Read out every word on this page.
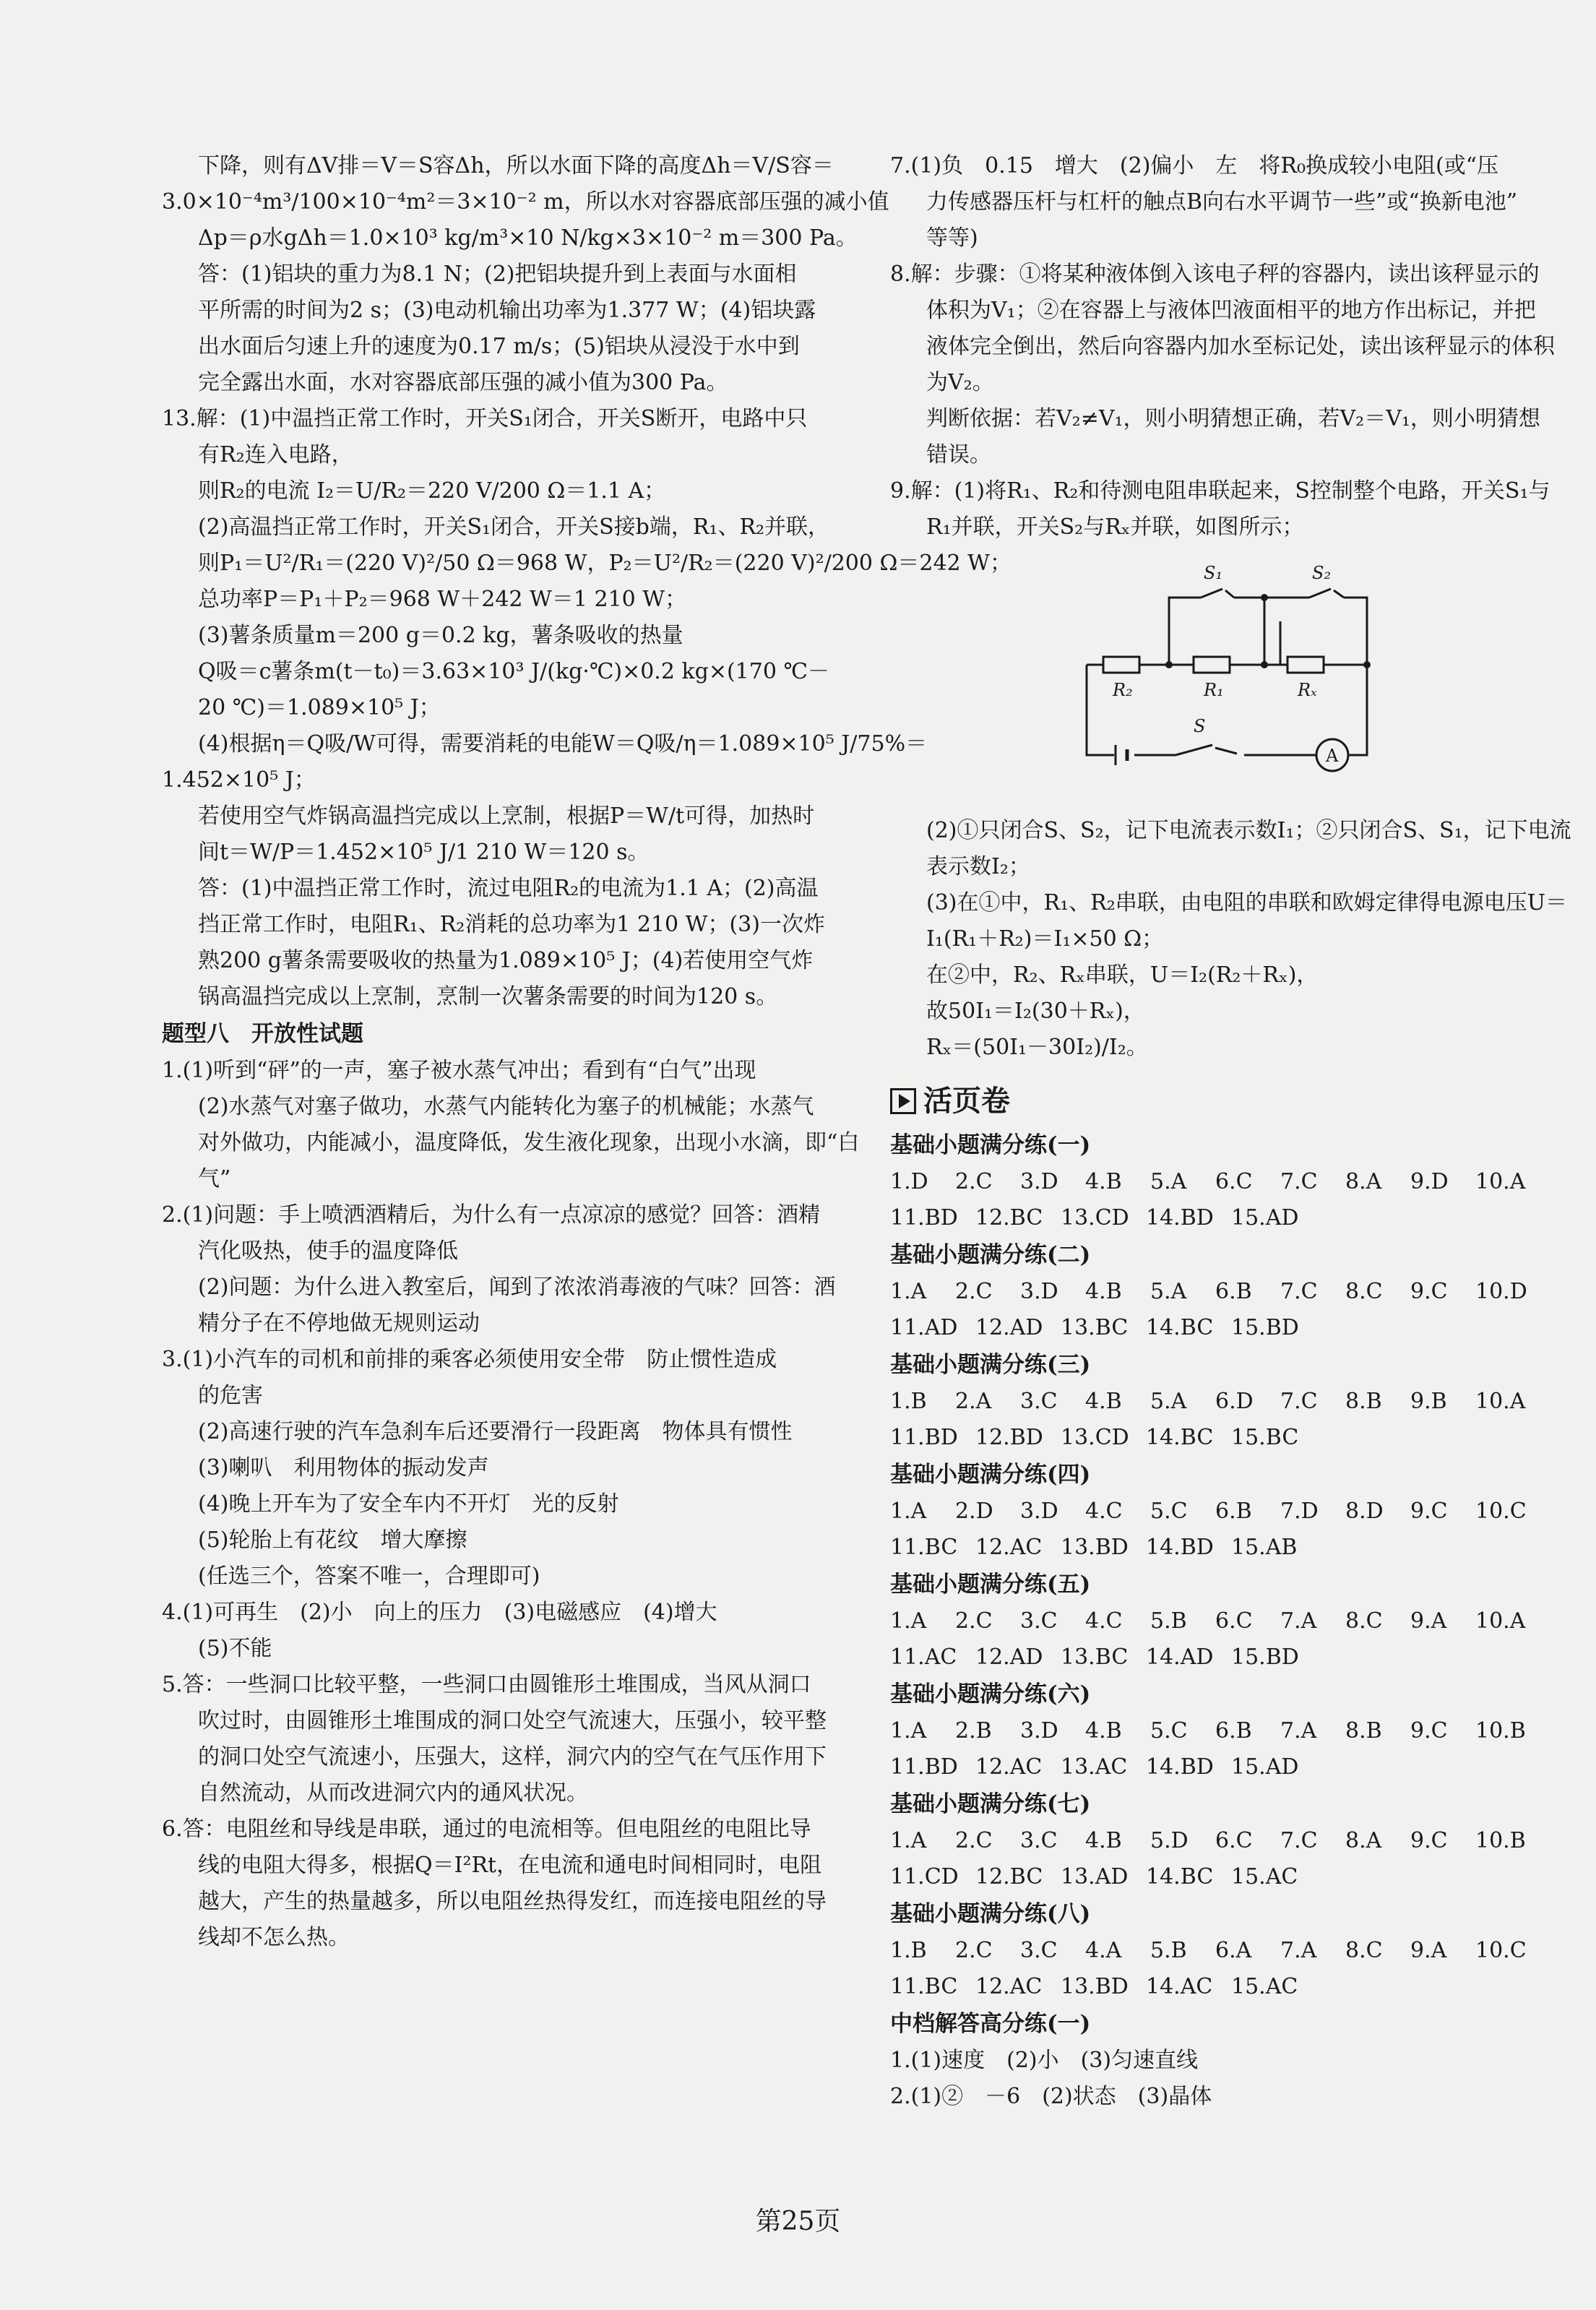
下降，则有ΔV排＝V＝S容Δh，所以水面下降的高度Δh＝V/S容＝
3.0×10⁻⁴m³/100×10⁻⁴m²＝3×10⁻² m，所以水对容器底部压强的减小值
Δp＝ρ水gΔh＝1.0×10³ kg/m³×10 N/kg×3×10⁻² m＝300 Pa。
答：(1)铝块的重力为8.1 N；(2)把铝块提升到上表面与水面相
平所需的时间为2 s；(3)电动机输出功率为1.377 W；(4)铝块露
出水面后匀速上升的速度为0.17 m/s；(5)铝块从浸没于水中到
完全露出水面，水对容器底部压强的减小值为300 Pa。
13.解：(1)中温挡正常工作时，开关S₁闭合，开关S断开，电路中只
有R₂连入电路，
则R₂的电流 I₂＝U/R₂＝220 V/200 Ω＝1.1 A；
(2)高温挡正常工作时，开关S₁闭合，开关S接b端，R₁、R₂并联，
则P₁＝U²/R₁＝(220 V)²/50 Ω＝968 W，P₂＝U²/R₂＝(220 V)²/200 Ω＝242 W；
总功率P＝P₁＋P₂＝968 W＋242 W＝1 210 W；
(3)薯条质量m＝200 g＝0.2 kg，薯条吸收的热量
Q吸＝c薯条m(t－t₀)＝3.63×10³ J/(kg·℃)×0.2 kg×(170 ℃－
20 ℃)＝1.089×10⁵ J；
(4)根据η＝Q吸/W可得，需要消耗的电能W＝Q吸/η＝1.089×10⁵ J/75%＝
1.452×10⁵ J；
若使用空气炸锅高温挡完成以上烹制，根据P＝W/t可得，加热时
间t＝W/P＝1.452×10⁵ J/1 210 W＝120 s。
答：(1)中温挡正常工作时，流过电阻R₂的电流为1.1 A；(2)高温
挡正常工作时，电阻R₁、R₂消耗的总功率为1 210 W；(3)一次炸
熟200 g薯条需要吸收的热量为1.089×10⁵ J；(4)若使用空气炸
锅高温挡完成以上烹制，烹制一次薯条需要的时间为120 s。
题型八　开放性试题
1.(1)听到“砰”的一声，塞子被水蒸气冲出；看到有“白气”出现
(2)水蒸气对塞子做功，水蒸气内能转化为塞子的机械能；水蒸气
对外做功，内能减小，温度降低，发生液化现象，出现小水滴，即“白
气”
2.(1)问题：手上喷洒酒精后，为什么有一点凉凉的感觉？回答：酒精
汽化吸热，使手的温度降低
(2)问题：为什么进入教室后，闻到了浓浓消毒液的气味？回答：酒
精分子在不停地做无规则运动
3.(1)小汽车的司机和前排的乘客必须使用安全带　防止惯性造成
的危害
(2)高速行驶的汽车急刹车后还要滑行一段距离　物体具有惯性
(3)喇叭　利用物体的振动发声
(4)晚上开车为了安全车内不开灯　光的反射
(5)轮胎上有花纹　增大摩擦
(任选三个，答案不唯一，合理即可)
4.(1)可再生　(2)小　向上的压力　(3)电磁感应　(4)增大
(5)不能
5.答：一些洞口比较平整，一些洞口由圆锥形土堆围成，当风从洞口
吹过时，由圆锥形土堆围成的洞口处空气流速大，压强小，较平整
的洞口处空气流速小，压强大，这样，洞穴内的空气在气压作用下
自然流动，从而改进洞穴内的通风状况。
6.答：电阻丝和导线是串联，通过的电流相等。但电阻丝的电阻比导
线的电阻大得多，根据Q＝I²Rt，在电流和通电时间相同时，电阻
越大，产生的热量越多，所以电阻丝热得发红，而连接电阻丝的导
线却不怎么热。
7.(1)负　0.15　增大　(2)偏小　左　将R₀换成较小电阻(或“压
力传感器压杆与杠杆的触点B向右水平调节一些”或“换新电池”
等等)
8.解：步骤：①将某种液体倒入该电子秤的容器内，读出该秤显示的
体积为V₁；②在容器上与液体凹液面相平的地方作出标记，并把
液体完全倒出，然后向容器内加水至标记处，读出该秤显示的体积
为V₂。
判断依据：若V₂≠V₁，则小明猜想正确，若V₂＝V₁，则小明猜想
错误。
9.解：(1)将R₁、R₂和待测电阻串联起来，S控制整个电路，开关S₁与
R₁并联，开关S₂与Rₓ并联，如图所示；
S₁	S₂
R₂	R₁	Rₓ
S
A
(2)①只闭合S、S₂，记下电流表示数I₁；②只闭合S、S₁，记下电流
表示数I₂；
(3)在①中，R₁、R₂串联，由电阻的串联和欧姆定律得电源电压U＝
I₁(R₁＋R₂)＝I₁×50 Ω；
在②中，R₂、Rₓ串联，U＝I₂(R₂＋Rₓ)，
故50I₁＝I₂(30＋Rₓ)，
Rₓ＝(50I₁－30I₂)/I₂。
活页卷
基础小题满分练(一)
1.D	2.C	3.D	4.B	5.A	6.C	7.C	8.A	9.D	10.A
11.BD 12.BC 13.CD 14.BD 15.AD
基础小题满分练(二)
1.A	2.C	3.D	4.B	5.A	6.B	7.C	8.C	9.C	10.D
11.AD 12.AD 13.BC 14.BC 15.BD
基础小题满分练(三)
1.B	2.A	3.C	4.B	5.A	6.D	7.C	8.B	9.B	10.A
11.BD 12.BD 13.CD 14.BC 15.BC
基础小题满分练(四)
1.A	2.D	3.D	4.C	5.C	6.B	7.D	8.D	9.C	10.C
11.BC 12.AC 13.BD 14.BD 15.AB
基础小题满分练(五)
1.A	2.C	3.C	4.C	5.B	6.C	7.A	8.C	9.A	10.A
11.AC 12.AD 13.BC 14.AD 15.BD
基础小题满分练(六)
1.A	2.B	3.D	4.B	5.C	6.B	7.A	8.B	9.C	10.B
11.BD 12.AC 13.AC 14.BD 15.AD
基础小题满分练(七)
1.A	2.C	3.C	4.B	5.D	6.C	7.C	8.A	9.C	10.B
11.CD 12.BC 13.AD 14.BC 15.AC
基础小题满分练(八)
1.B	2.C	3.C	4.A	5.B	6.A	7.A	8.C	9.A	10.C
11.BC 12.AC 13.BD 14.AC 15.AC
中档解答高分练(一)
1.(1)速度　(2)小　(3)匀速直线
2.(1)②　－6　(2)状态　(3)晶体
第25页
